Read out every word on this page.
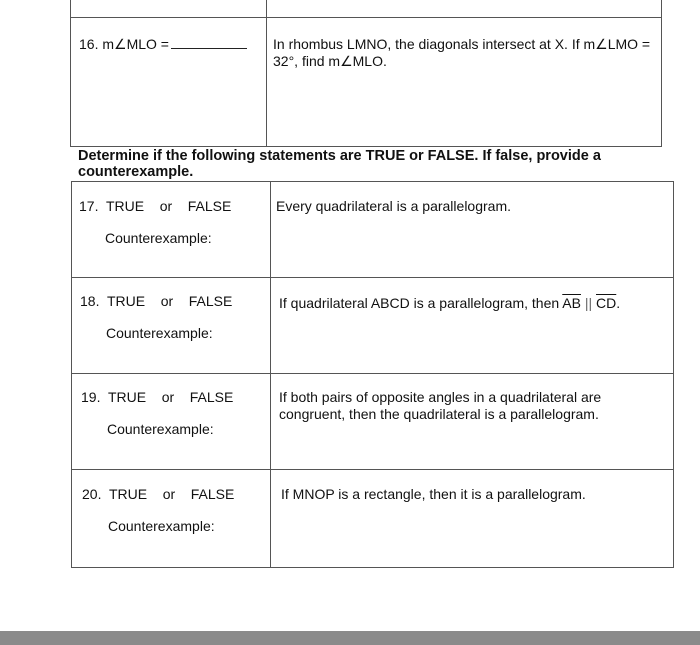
16. m∠MLO =	In rhombus LMNO, the diagonals intersect at X. If m∠LMO = 32°, find m∠MLO.
Determine if the following statements are TRUE or FALSE. If false, provide a counterexample.
17. TRUE or FALSE
Counterexample:
Every quadrilateral is a parallelogram.
18. TRUE or FALSE
Counterexample:
If quadrilateral ABCD is a parallelogram, then $\overline{AB}$ || $\overline{CD}$.
19. TRUE or FALSE
Counterexample:
If both pairs of opposite angles in a quadrilateral are congruent, then the quadrilateral is a parallelogram.
20. TRUE or FALSE
Counterexample:
If MNOP is a rectangle, then it is a parallelogram.
